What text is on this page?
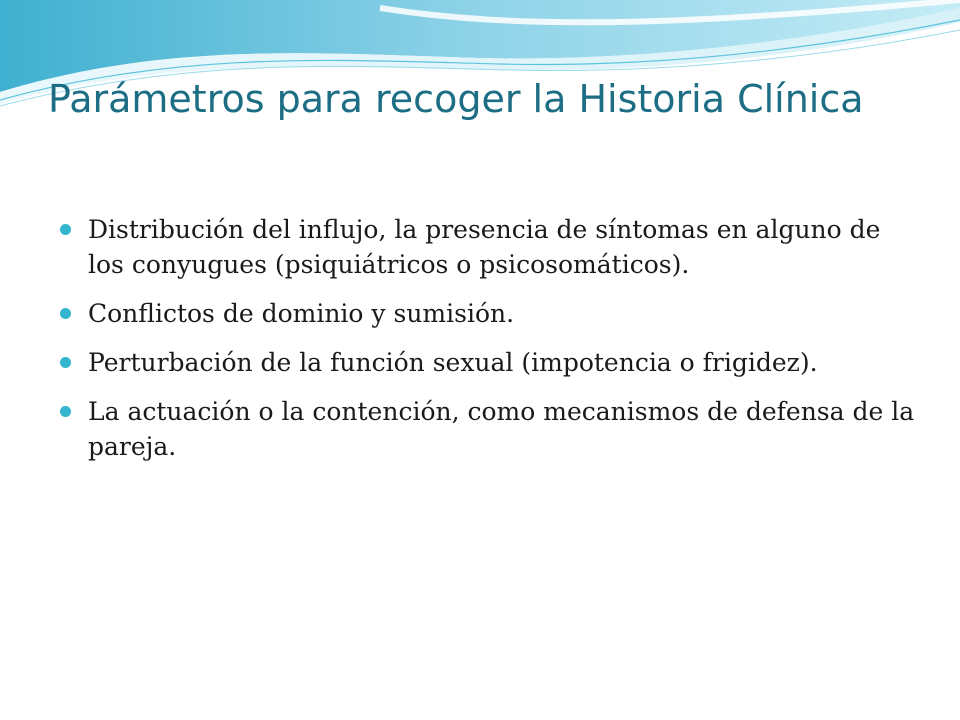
Parámetros para recoger la Historia Clínica
Distribución del influjo, la presencia de síntomas en alguno de los conyugues (psiquiátricos o psicosomáticos).
Conflictos de dominio y sumisión.
Perturbación de la función sexual (impotencia o frigidez).
La actuación o la contención, como mecanismos de defensa de la pareja.
